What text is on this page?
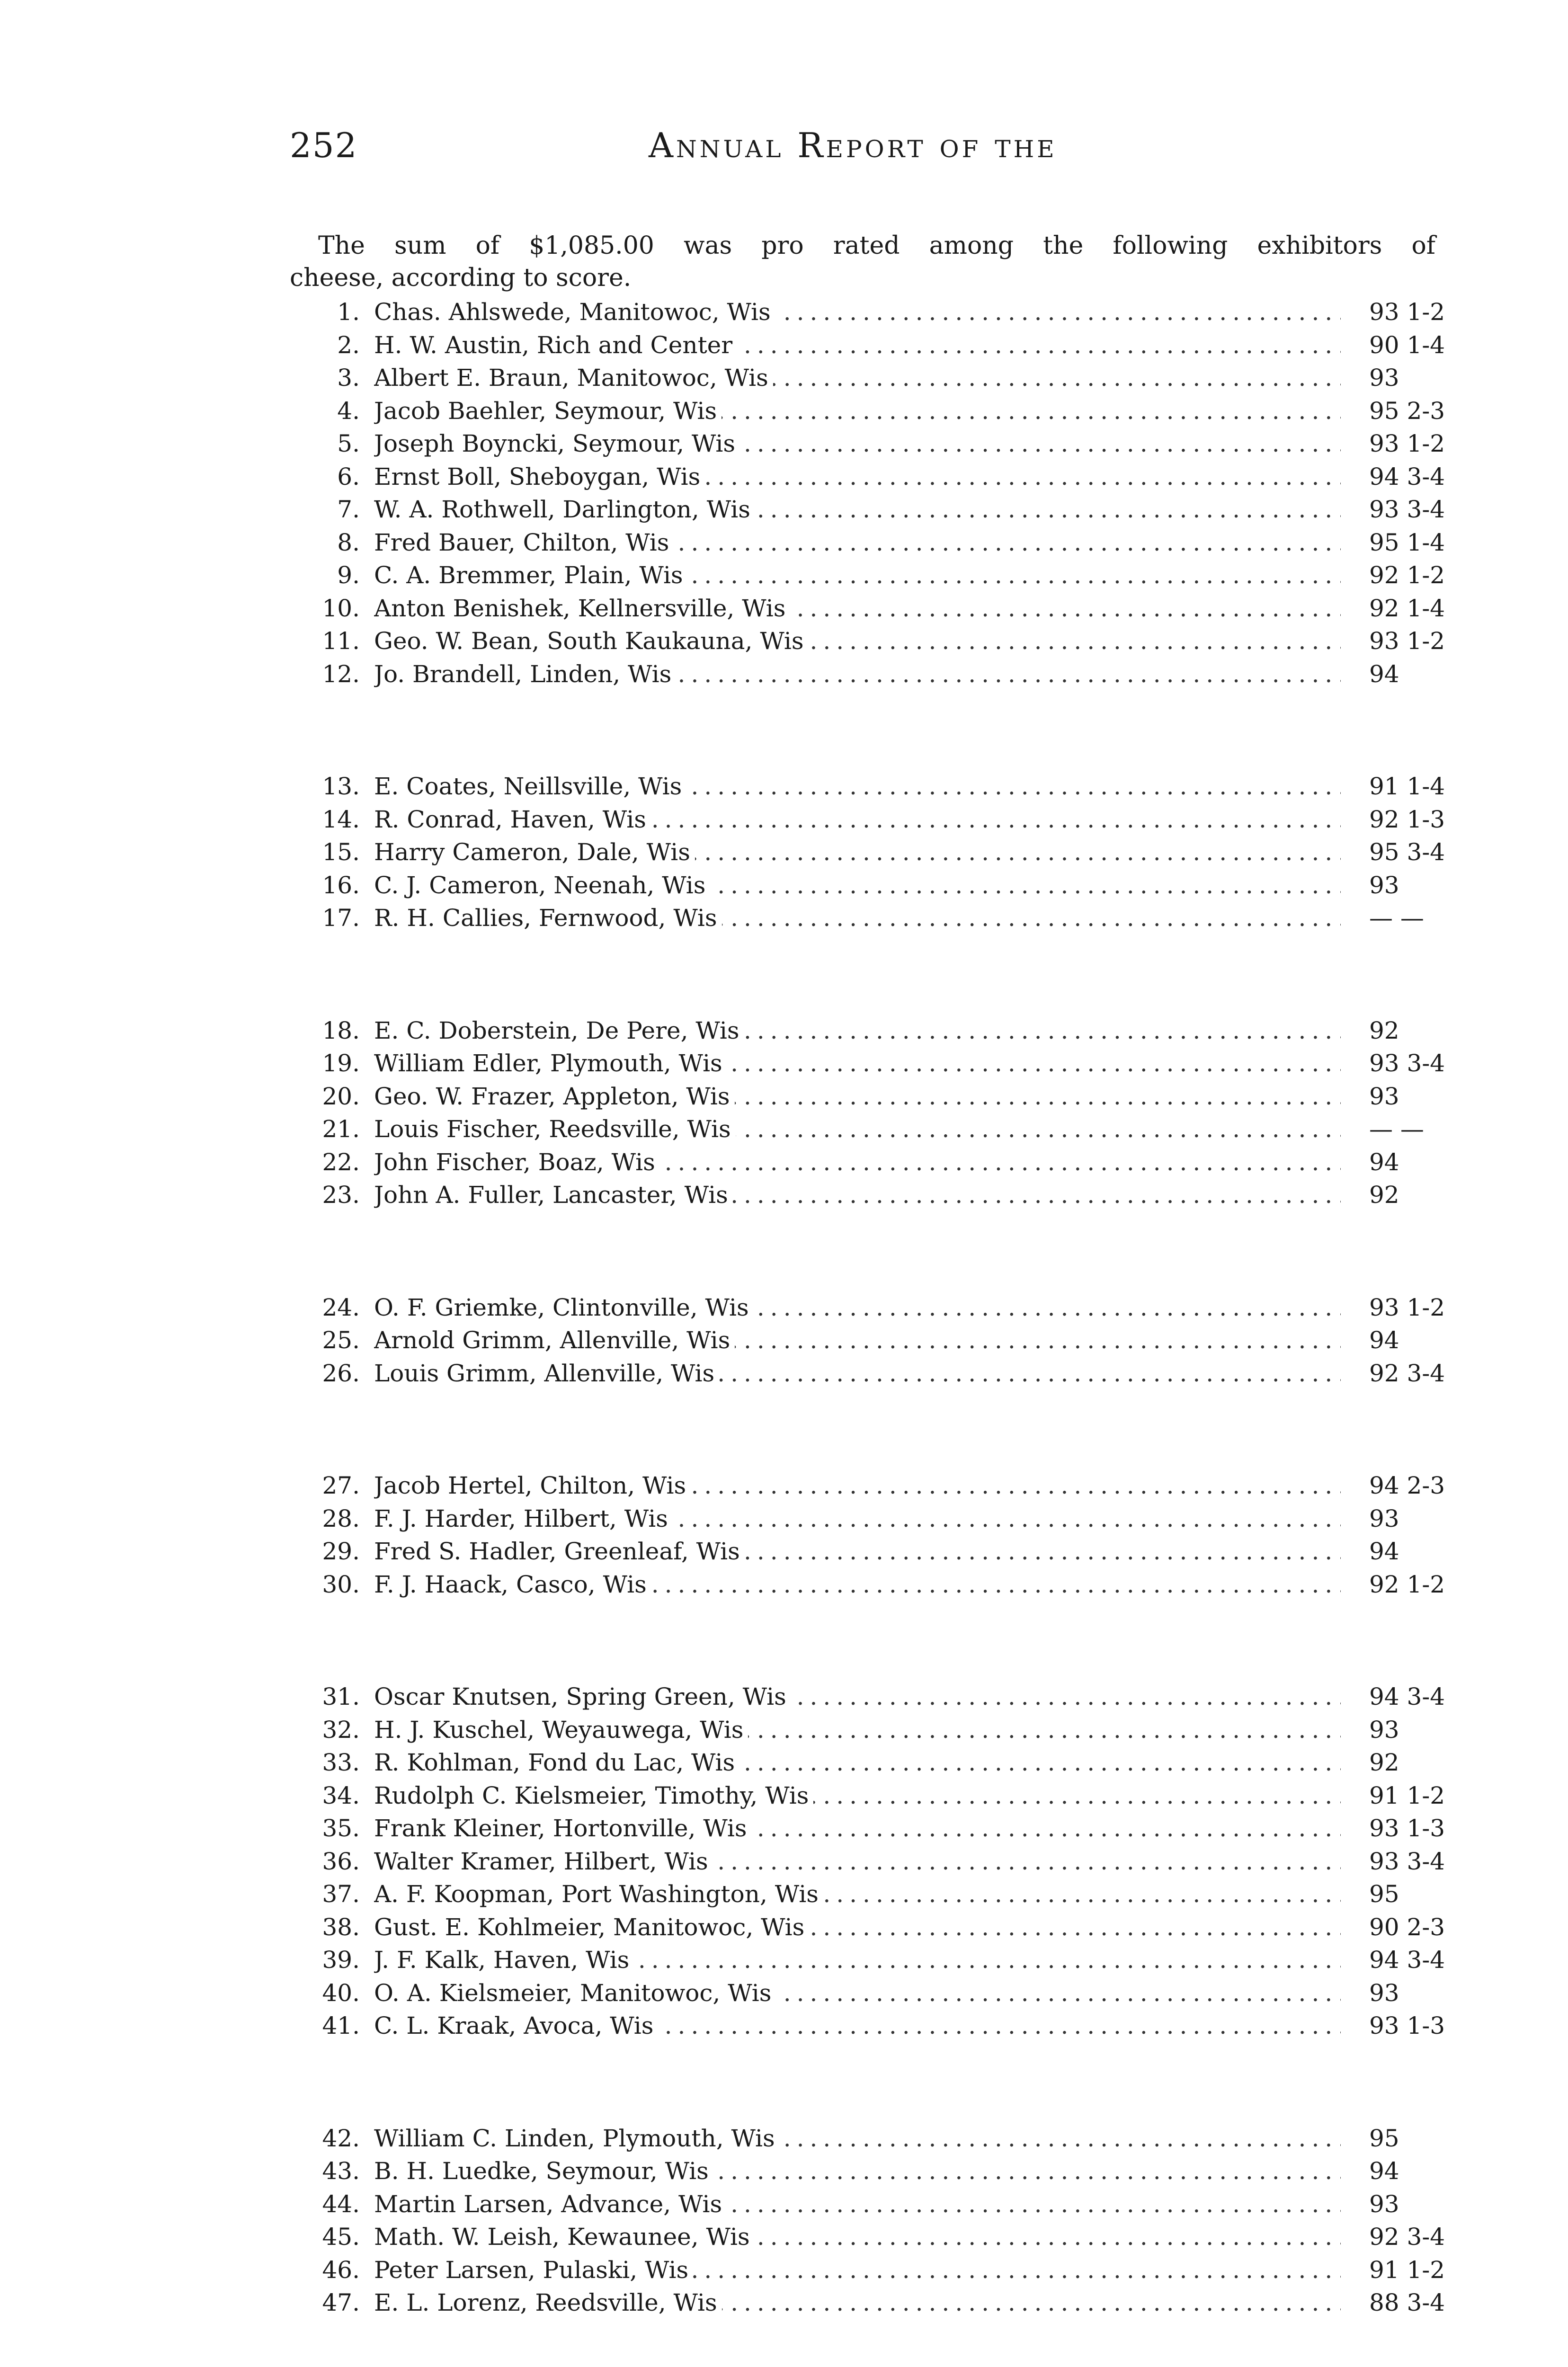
252	Annual Report of the
The sum of $1,085.00 was pro rated among the following exhibitors of
cheese, according to score.
1. Chas. Ahlswede, Manitowoc, Wis .....	93 1-2
2. H. W. Austin, Rich and Center .....	90 1-4
3. Albert E. Braun, Manitowoc, Wis .....	93
4. Jacob Baehler, Seymour, Wis .....	95 2-3
5. Joseph Boyncki, Seymour, Wis .....	93 1-2
6. Ernst Boll, Sheboygan, Wis .....	94 3-4
7. W. A. Rothwell, Darlington, Wis .....	93 3-4
8. Fred Bauer, Chilton, Wis .....	95 1-4
9. C. A. Bremmer, Plain, Wis .....	92 1-2
10. Anton Benishek, Kellnersville, Wis .....	92 1-4
11. Geo. W. Bean, South Kaukauna, Wis .....	93 1-2
12. Jo. Brandell, Linden, Wis .....	94
13. E. Coates, Neillsville, Wis .....	91 1-4
14. R. Conrad, Haven, Wis .....	92 1-3
15. Harry Cameron, Dale, Wis .....	95 3-4
16. C. J. Cameron, Neenah, Wis .....	93
17. R. H. Callies, Fernwood, Wis .....	— —
18. E. C. Doberstein, De Pere, Wis .....	92
19. William Edler, Plymouth, Wis .....	93 3-4
20. Geo. W. Frazer, Appleton, Wis .....	93
21. Louis Fischer, Reedsville, Wis .....	— —
22. John Fischer, Boaz, Wis .....	94
23. John A. Fuller, Lancaster, Wis .....	92
24. O. F. Griemke, Clintonville, Wis .....	93 1-2
25. Arnold Grimm, Allenville, Wis .....	94
26. Louis Grimm, Allenville, Wis .....	92 3-4
27. Jacob Hertel, Chilton, Wis .....	94 2-3
28. F. J. Harder, Hilbert, Wis .....	93
29. Fred S. Hadler, Greenleaf, Wis .....	94
30. F. J. Haack, Casco, Wis .....	92 1-2
31. Oscar Knutsen, Spring Green, Wis .....	94 3-4
32. H. J. Kuschel, Weyauwega, Wis .....	93
33. R. Kohlman, Fond du Lac, Wis .....	92
34. Rudolph C. Kielsmeier, Timothy, Wis .....	91 1-2
35. Frank Kleiner, Hortonville, Wis .....	93 1-3
36. Walter Kramer, Hilbert, Wis .....	93 3-4
37. A. F. Koopman, Port Washington, Wis .....	95
38. Gust. E. Kohlmeier, Manitowoc, Wis .....	90 2-3
39. J. F. Kalk, Haven, Wis .....	94 3-4
40. O. A. Kielsmeier, Manitowoc, Wis .....	93
41. C. L. Kraak, Avoca, Wis .....	93 1-3
42. William C. Linden, Plymouth, Wis .....	95
43. B. H. Luedke, Seymour, Wis .....	94
44. Martin Larsen, Advance, Wis .....	93
45. Math. W. Leish, Kewaunee, Wis .....	92 3-4
46. Peter Larsen, Pulaski, Wis .....	91 1-2
47. E. L. Lorenz, Reedsville, Wis .....	88 3-4
